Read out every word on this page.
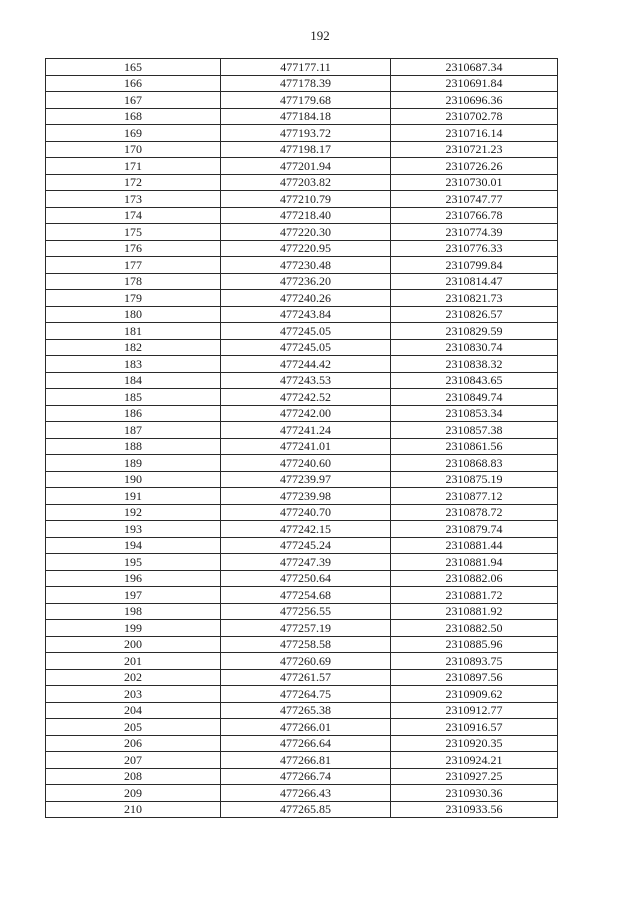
192
165	477177.11	2310687.34
166	477178.39	2310691.84
167	477179.68	2310696.36
168	477184.18	2310702.78
169	477193.72	2310716.14
170	477198.17	2310721.23
171	477201.94	2310726.26
172	477203.82	2310730.01
173	477210.79	2310747.77
174	477218.40	2310766.78
175	477220.30	2310774.39
176	477220.95	2310776.33
177	477230.48	2310799.84
178	477236.20	2310814.47
179	477240.26	2310821.73
180	477243.84	2310826.57
181	477245.05	2310829.59
182	477245.05	2310830.74
183	477244.42	2310838.32
184	477243.53	2310843.65
185	477242.52	2310849.74
186	477242.00	2310853.34
187	477241.24	2310857.38
188	477241.01	2310861.56
189	477240.60	2310868.83
190	477239.97	2310875.19
191	477239.98	2310877.12
192	477240.70	2310878.72
193	477242.15	2310879.74
194	477245.24	2310881.44
195	477247.39	2310881.94
196	477250.64	2310882.06
197	477254.68	2310881.72
198	477256.55	2310881.92
199	477257.19	2310882.50
200	477258.58	2310885.96
201	477260.69	2310893.75
202	477261.57	2310897.56
203	477264.75	2310909.62
204	477265.38	2310912.77
205	477266.01	2310916.57
206	477266.64	2310920.35
207	477266.81	2310924.21
208	477266.74	2310927.25
209	477266.43	2310930.36
210	477265.85	2310933.56
